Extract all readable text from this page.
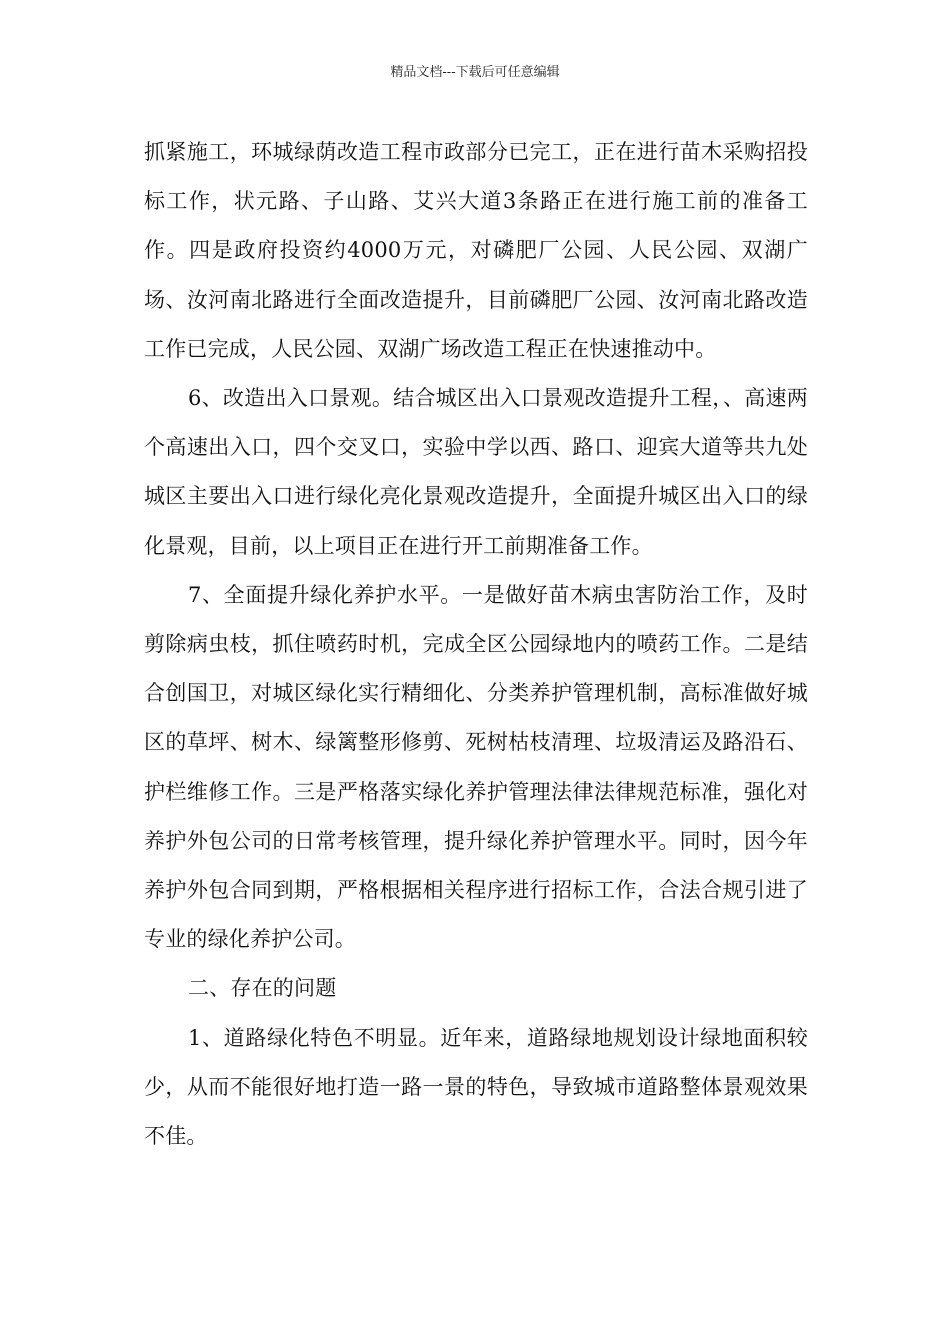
精品文档---下载后可任意编辑

抓紧施工，环城绿荫改造工程市政部分已完工，正在进行苗木采购招投标工作，状元路、子山路、艾兴大道3条路正在进行施工前的准备工作。四是政府投资约4000万元，对磷肥厂公园、人民公园、双湖广场、汝河南北路进行全面改造提升，目前磷肥厂公园、汝河南北路改造工作已完成，人民公园、双湖广场改造工程正在快速推动中。

6、改造出入口景观。结合城区出入口景观改造提升工程，、高速两个高速出入口，四个交叉口，实验中学以西、路口、迎宾大道等共九处城区主要出入口进行绿化亮化景观改造提升，全面提升城区出入口的绿化景观，目前，以上项目正在进行开工前期准备工作。

7、全面提升绿化养护水平。一是做好苗木病虫害防治工作，及时剪除病虫枝，抓住喷药时机，完成全区公园绿地内的喷药工作。二是结合创国卫，对城区绿化实行精细化、分类养护管理机制，高标准做好城区的草坪、树木、绿篱整形修剪、死树枯枝清理、垃圾清运及路沿石、护栏维修工作。三是严格落实绿化养护管理法律法律规范标准，强化对养护外包公司的日常考核管理，提升绿化养护管理水平。同时，因今年养护外包合同到期，严格根据相关程序进行招标工作，合法合规引进了专业的绿化养护公司。

二、存在的问题

1、道路绿化特色不明显。近年来，道路绿地规划设计绿地面积较少，从而不能很好地打造一路一景的特色，导致城市道路整体景观效果不佳。
